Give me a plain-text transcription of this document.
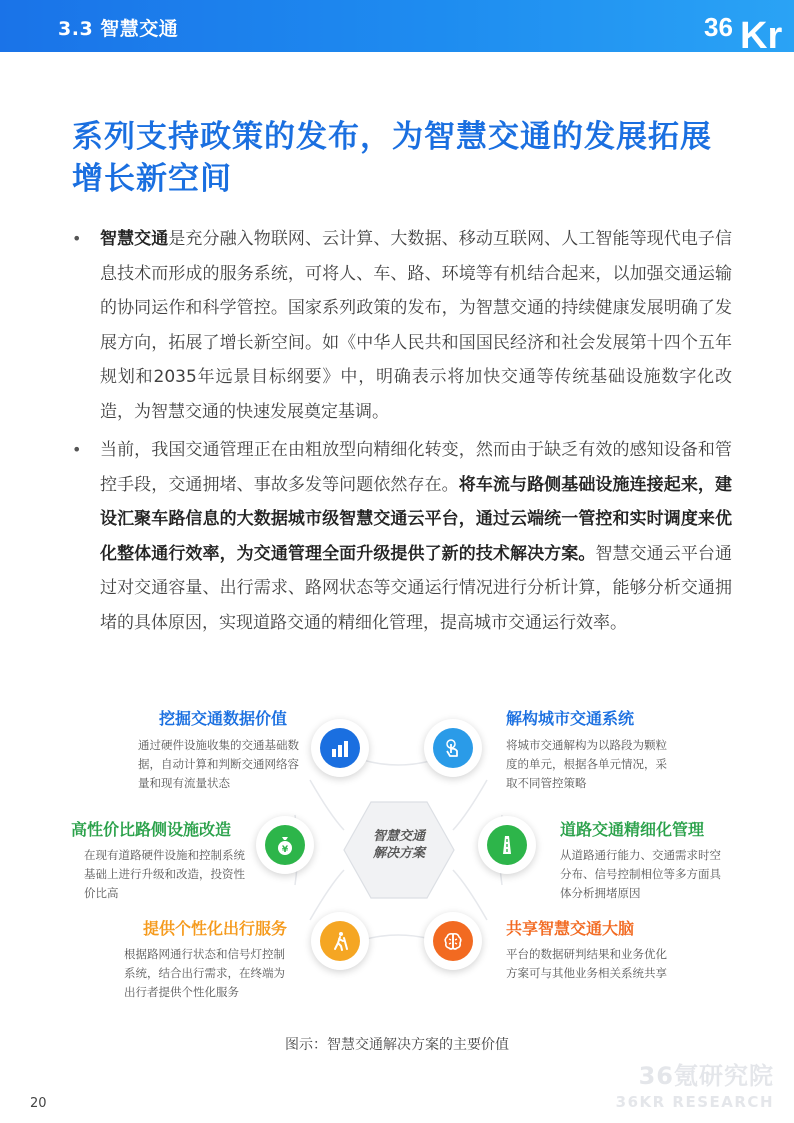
3.3 智慧交通	36 Kr
系列支持政策的发布，为智慧交通的发展拓展
增长新空间
• 智慧交通是充分融入物联网、云计算、大数据、移动互联网、人工智能等现代电子信息技术而形成的服务系统，可将人、车、路、环境等有机结合起来，以加强交通运输的协同运作和科学管控。国家系列政策的发布，为智慧交通的持续健康发展明确了发展方向，拓展了增长新空间。如《中华人民共和国国民经济和社会发展第十四个五年规划和2035年远景目标纲要》中，明确表示将加快交通等传统基础设施数字化改造，为智慧交通的快速发展奠定基调。
• 当前，我国交通管理正在由粗放型向精细化转变，然而由于缺乏有效的感知设备和管控手段，交通拥堵、事故多发等问题依然存在。将车流与路侧基础设施连接起来，建设汇聚车路信息的大数据城市级智慧交通云平台，通过云端统一管控和实时调度来优化整体通行效率，为交通管理全面升级提供了新的技术解决方案。智慧交通云平台通过对交通容量、出行需求、路网状态等交通运行情况进行分析计算，能够分析交通拥堵的具体原因，实现道路交通的精细化管理，提高城市交通运行效率。
智慧交通
解决方案
挖掘交通数据价值
通过硬件设施收集的交通基础数据，自动计算和判断交通网络容量和现有流量状态
解构城市交通系统
将城市交通解构为以路段为颗粒度的单元，根据各单元情况，采取不同管控策略
高性价比路侧设施改造
在现有道路硬件设施和控制系统基础上进行升级和改造，投资性价比高
¥
道路交通精细化管理
从道路通行能力、交通需求时空分布、信号控制相位等多方面具体分析拥堵原因
提供个性化出行服务
根据路网通行状态和信号灯控制系统，结合出行需求，在终端为出行者提供个性化服务
共享智慧交通大脑
平台的数据研判结果和业务优化方案可与其他业务相关系统共享
图示：智慧交通解决方案的主要价值
36氪研究院
36KR RESEARCH
20
